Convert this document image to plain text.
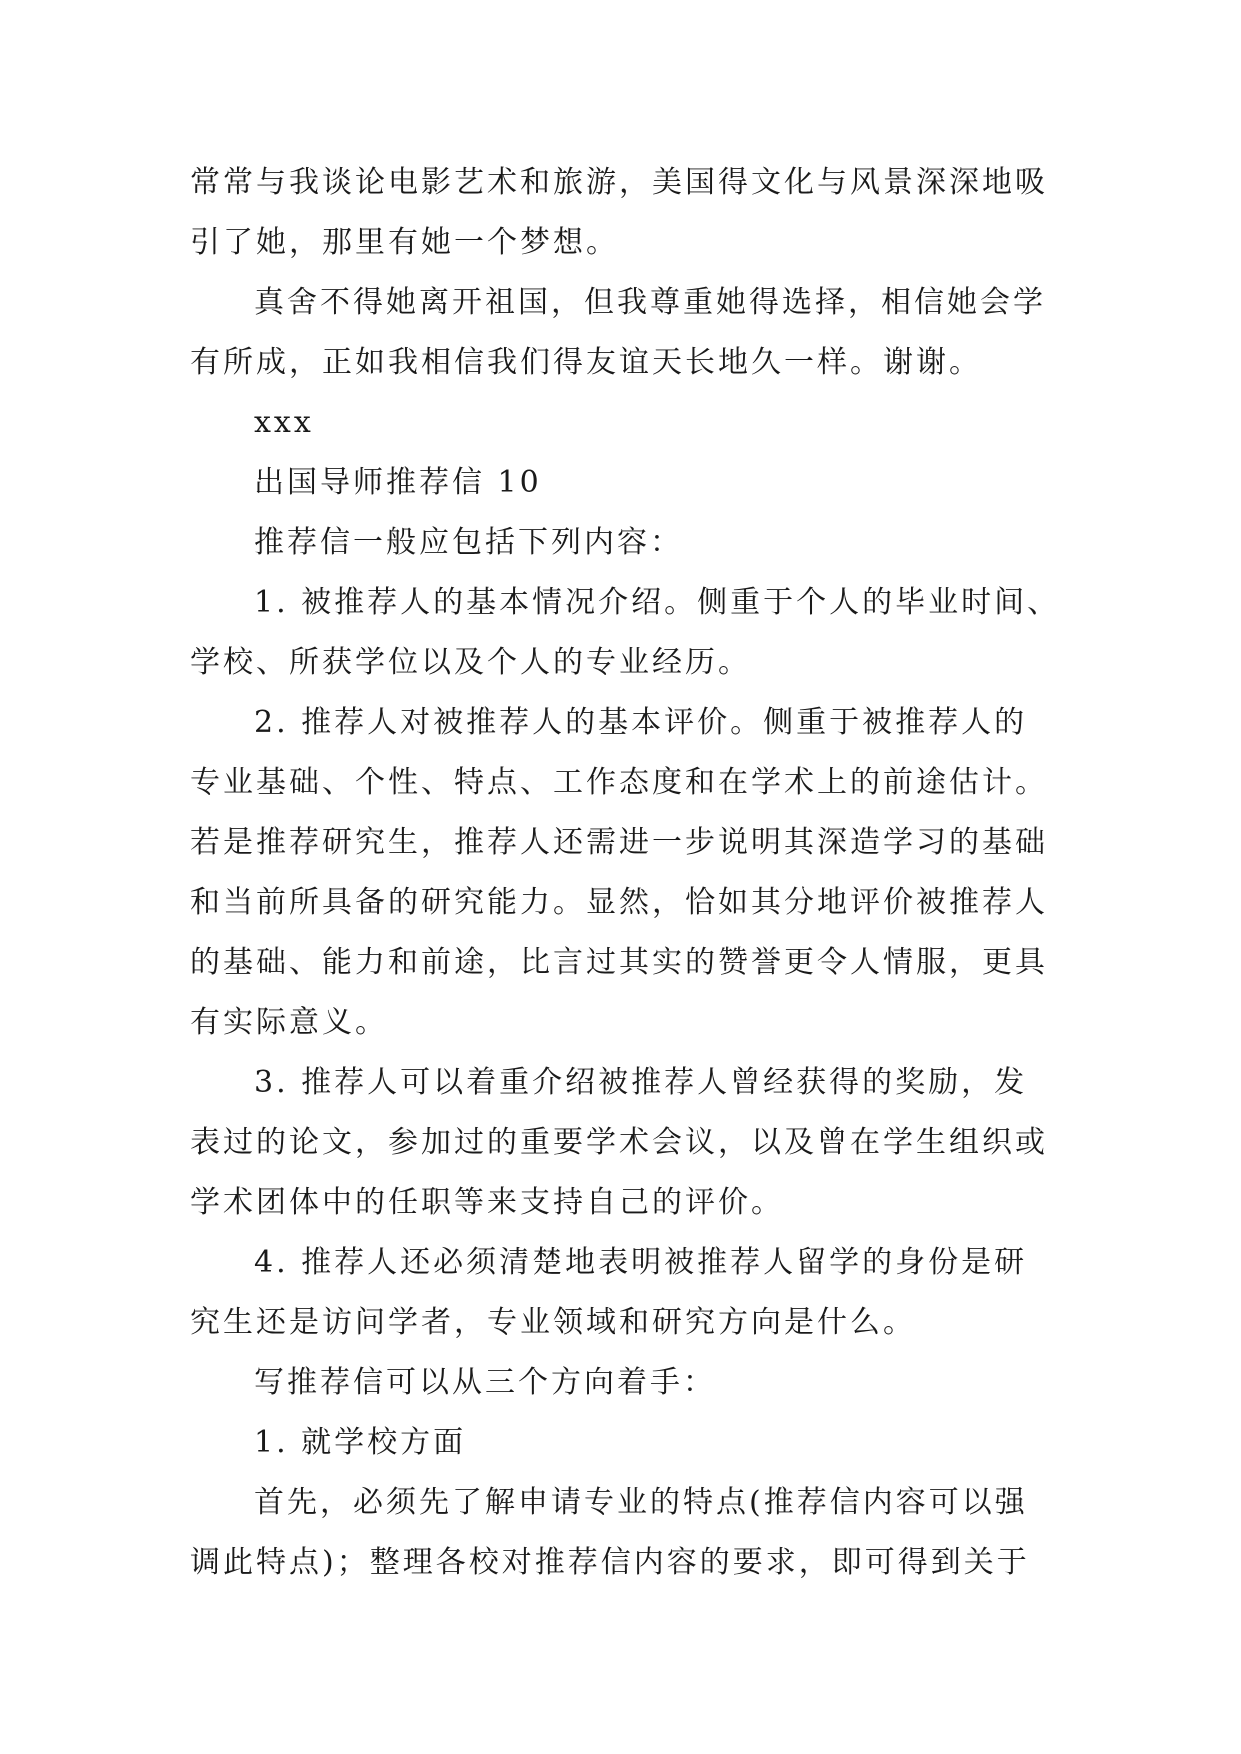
常常与我谈论电影艺术和旅游，美国得文化与风景深深地吸

引了她，那里有她一个梦想。

真舍不得她离开祖国，但我尊重她得选择，相信她会学

有所成，正如我相信我们得友谊天长地久一样。谢谢。

xxx

出国导师推荐信 10

推荐信一般应包括下列内容：

1. 被推荐人的基本情况介绍。侧重于个人的毕业时间、

学校、所获学位以及个人的专业经历。

2. 推荐人对被推荐人的基本评价。侧重于被推荐人的

专业基础、个性、特点、工作态度和在学术上的前途估计。

若是推荐研究生，推荐人还需进一步说明其深造学习的基础

和当前所具备的研究能力。显然，恰如其分地评价被推荐人

的基础、能力和前途，比言过其实的赞誉更令人情服，更具

有实际意义。

3. 推荐人可以着重介绍被推荐人曾经获得的奖励，发

表过的论文，参加过的重要学术会议，以及曾在学生组织或

学术团体中的任职等来支持自己的评价。

4. 推荐人还必须清楚地表明被推荐人留学的身份是研

究生还是访问学者，专业领域和研究方向是什么。

写推荐信可以从三个方向着手：

1. 就学校方面

首先，必须先了解申请专业的特点(推荐信内容可以强

调此特点)；整理各校对推荐信内容的要求，即可得到关于
